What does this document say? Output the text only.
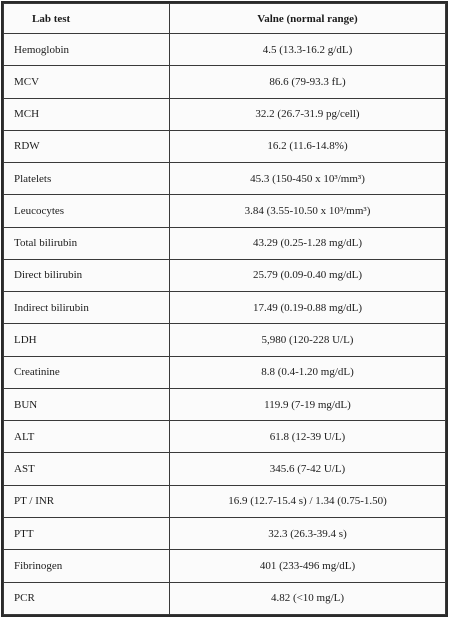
Lab test	Valne (normal range)
Hemoglobin	4.5 (13.3-16.2 g/dL)
MCV	86.6 (79-93.3 fL)
MCH	32.2 (26.7-31.9 pg/cell)
RDW	16.2 (11.6-14.8%)
Platelets	45.3 (150-450 x 10³/mm³)
Leucocytes	3.84 (3.55-10.50 x 10³/mm³)
Total bilirubin	43.29 (0.25-1.28 mg/dL)
Direct bilirubin	25.79 (0.09-0.40 mg/dL)
Indirect bilirubin	17.49 (0.19-0.88 mg/dL)
LDH	5,980 (120-228 U/L)
Creatinine	8.8 (0.4-1.20 mg/dL)
BUN	119.9 (7-19 mg/dL)
ALT	61.8 (12-39 U/L)
AST	345.6 (7-42 U/L)
PT / INR	16.9 (12.7-15.4 s) / 1.34 (0.75-1.50)
PTT	32.3 (26.3-39.4 s)
Fibrinogen	401 (233-496 mg/dL)
PCR	4.82 (<10 mg/L)
